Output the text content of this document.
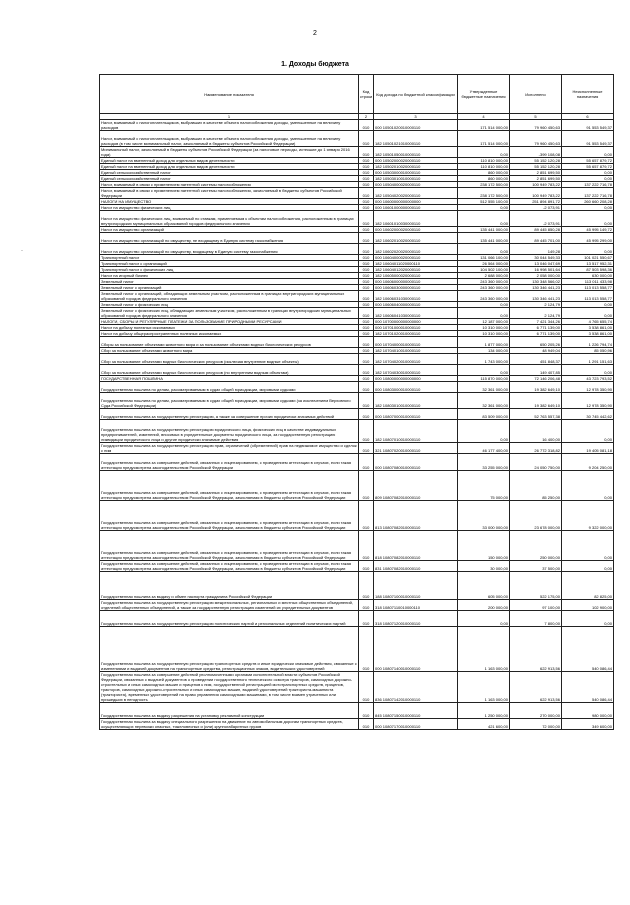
2
1. Доходы бюджета
·
Наименование показателя	Код строки	Код дохода по бюджетной классификации	Утвержденные бюджетные назначения	Исполнено	Неисполненные назначения
1	2	3	4	5	6
Налог, взимаемый с налогоплательщиков, выбравших в качестве объекта налогообложения доходы, уменьшенные на величину расходов	010	000 10501020010000110	171 514 000,00	79 960 450,63	91 553 549,37
Налог, взимаемый с налогоплательщиков, выбравших в качестве объекта налогообложения доходы, уменьшенные на величину расходов (в том числе минимальный налог, зачисляемый в бюджеты субъектов Российской Федерации)	010	182 10501021010000110	171 514 000,00	79 960 450,63	91 553 549,37
Минимальный налог, зачисляемый в бюджеты субъектов Российской Федерации (за налоговые периоды, истекшие до 1 января 2016 года)	010	182 10501050010000110	0,00	-399 108,08	0,00
Единый налог на вмененный доход для отдельных видов деятельности	010	000 10502000020000110	110 810 000,00	55 152 120,28	55 657 879,72
Единый налог на вмененный доход для отдельных видов деятельности	010	182 10502010020000110	110 810 000,00	55 152 120,28	55 657 879,72
Единый сельскохозяйственный налог	010	000 10503000010000110	860 000,00	2 851 699,50	0,00
Единый сельскохозяйственный налог	010	182 10503010010000110	860 000,00	2 851 699,50	0,00
Налог, взимаемый в связи с применением патентной системы налогообложения	010	000 10504000020000110	238 172 500,00	100 949 783,22	137 222 716,78
Налог, взимаемый в связи с применением патентной системы налогообложения, зачисляемый в бюджеты субъектов Российской Федерации	010	182 10504020020000110	238 172 500,00	100 949 783,22	137 222 716,78
НАЛОГИ НА ИМУЩЕСТВО	010	000 10600000000000000	512 555 100,00	251 894 891,72	260 660 208,28
Налог на имущество физических лиц	010	000 10601000000000110	0,00	-2 073,91	0,00
Налог на имущество физических лиц, взимаемый по ставкам, применяемым к объектам налогообложения, расположенным в границах внутригородских муниципальных образований городов федерального значения	010	182 10601010030000110	0,00	-2 073,91	0,00
Налог на имущество организаций	010	000 10602000020000110	135 441 000,00	89 445 850,28	45 995 149,72
Налог на имущество организаций по имуществу, не входящему в Единую систему газоснабжения	010	182 10602010020000110	135 441 000,00	89 445 701,00	45 995 299,00
Налог на имущество организаций по имуществу, входящему в Единую систему газоснабжения	010	182 10602020020000110	0,00	149,28	0,00
Транспортный налог	010	000 10604000020000110	131 066 100,00	30 044 549,33	101 021 550,67
Транспортный налог с организаций	010	182 10604011020000110	26 564 000,00	13 046 047,69	13 517 952,31
Транспортный налог с физических лиц	010	182 10604012020000110	104 502 100,00	16 998 501,64	87 503 598,36
Налог на игорный бизнес	010	182 10605000020000110	2 688 000,00	2 058 000,00	630 000,00
Земельный налог	010	000 10606000000000110	243 360 000,00	130 348 566,02	113 011 433,98
Земельный налог с организаций	010	000 10606030000000110	243 360 000,00	130 346 441,23	113 013 558,77
Земельный налог с организаций, обладающих земельным участком, расположенным в границах внутригородских муниципальных образований городов федерального значения	010	182 10606031030000110	243 360 000,00	130 346 441,23	113 013 558,77
Земельный налог с физических лиц	010	000 10606040000000110	0,00	2 124,79	0,00
Земельный налог с физических лиц, обладающих земельным участком, расположенным в границах внутригородских муниципальных образований городов федерального значения	010	182 10606041030000110	0,00	2 124,79	0,00
НАЛОГИ, СБОРЫ И РЕГУЛЯРНЫЕ ПЛАТЕЖИ ЗА ПОЛЬЗОВАНИЕ ПРИРОДНЫМИ РЕСУРСАМИ	010	000 10700000000000000	12 187 000,00	7 421 344,26	4 765 655,74
Налог на добычу полезных ископаемых	010	000 10701000010000110	10 310 000,00	6 771 139,00	3 538 861,00
Налог на добычу общераспространенных полезных ископаемых	010	182 10701020010000110	10 310 000,00	6 771 139,00	3 538 861,00
Сборы за пользование объектами животного мира и за пользование объектами водных биологических ресурсов	010	000 10704000010000110	1 877 000,00	650 205,26	1 226 794,74
Сбор за пользование объектами животного мира	010	182 10704010010000110	134 000,00	48 949,04	85 050,96
Сбор за пользование объектами водных биологических ресурсов (исключая внутренние водные объекты)	010	182 10704020010000110	1 743 000,00	451 848,37	1 291 151,63
Сбор за пользование объектами водных биологических ресурсов (по внутренним водным объектам)	010	182 10704030010000110	0,00	149 407,85	0,00
ГОСУДАРСТВЕННАЯ ПОШЛИНА	010	000 10800000000000000	115 870 000,00	72 146 206,48	43 723 793,52
Государственная пошлина по делам, рассматриваемым в судах общей юрисдикции, мировыми судьями	010	000 10803000010000110	32 361 000,00	19 382 649,10	12 978 350,90
Государственная пошлина по делам, рассматриваемым в судах общей юрисдикции, мировыми судьями (за исключением Верховного Суда Российской Федерации)	010	182 10803010010000110	32 361 000,00	19 382 649,10	12 978 350,90
Государственная пошлина за государственную регистрацию, а также за совершение прочих юридически значимых действий	010	000 10807000010000110	83 509 000,00	52 763 557,38	30 745 442,62
Государственная пошлина за государственную регистрацию юридического лица, физических лиц в качестве индивидуальных предпринимателей, изменений, вносимых в учредительные документы юридического лица, за государственную регистрацию ликвидации юридического лица и другие юридически значимые действия	010	182 10807010010000110	0,00	16 400,00	0,00
Государственная пошлина за государственную регистрацию прав, ограничений (обременений) прав на недвижимое имущество и сделок с ним	010	321 10807020010000110	46 177 400,00	26 772 318,82	19 405 081,18
Государственная пошлина за совершение действий, связанных с лицензированием, с проведением аттестации в случаях, если такая аттестация предусмотрена законодательством Российской Федерации	010	000 10807080010000110	33 255 000,00	24 050 750,00	9 204 250,00
Государственная пошлина за совершение действий, связанных с лицензированием, с проведением аттестации в случаях, если такая аттестация предусмотрена законодательством Российской Федерации, зачисляемая в бюджеты субъектов Российской Федерации	010	809 10807082010000110	75 000,00	85 250,00	0,00
Государственная пошлина за совершение действий, связанных с лицензированием, с проведением аттестации в случаях, если такая аттестация предусмотрена законодательством Российской Федерации, зачисляемая в бюджеты субъектов Российской Федерации	010	813 10807082010000110	33 000 000,00	23 678 000,00	9 322 000,00
Государственная пошлина за совершение действий, связанных с лицензированием, с проведением аттестации в случаях, если такая аттестация предусмотрена законодательством Российской Федерации, зачисляемая в бюджеты субъектов Российской Федерации	010	818 10807082010000110	150 000,00	250 000,00	0,00
Государственная пошлина за совершение действий, связанных с лицензированием, с проведением аттестации в случаях, если такая аттестация предусмотрена законодательством Российской Федерации, зачисляемая в бюджеты субъектов Российской Федерации	010	831 10807082010000110	30 000,00	37 500,00	0,00
Государственная пошлина за выдачу и обмен паспорта гражданина Российской Федерации	010	188 10807100010000110	605 000,00	522 175,00	82 825,00
Государственная пошлина за государственную регистрацию межрегиональных, региональных и местных общественных объединений, отделений общественных объединений, а также за государственную регистрацию изменений их учредительных документов	010	318 10807110010000110	200 000,00	97 100,00	102 900,00
Государственная пошлина за государственную регистрацию политических партий и региональных отделений политических партий	010	318 10807120010000110	0,00	7 800,00	0,00
Государственная пошлина за государственную регистрацию транспортных средств и иные юридически значимые действия, связанные с изменениями и выдачей документов на транспортные средства, регистрационных знаков, водительских удостоверений	010	000 10807140010000110	1 163 000,00	622 913,56	540 086,44
Государственная пошлина за совершение действий уполномоченными органами исполнительной власти субъектов Российской Федерации, связанных с выдачей документов о проведении государственного технического осмотра тракторов, самоходных дорожно-строительных и иных самоходных машин и прицепов к ним, государственной регистрацией мототранспортных средств, прицепов, тракторов, самоходных дорожно-строительных и иных самоходных машин, выдачей удостоверений тракториста-машиниста (тракториста), временных удостоверений на право управления самоходными машинами, в том числе взамен утраченных или пришедших в негодность	010	836 10807142010000110	1 163 000,00	622 913,56	540 086,44
Государственная пошлина за выдачу разрешения на установку рекламной конструкции	010	845 10807150010000110	1 250 000,00	270 000,00	980 000,00
Государственная пошлина за выдачу специального разрешения на движение по автомобильным дорогам транспортных средств, осуществляющих перевозки опасных, тяжеловесных и (или) крупногабаритных грузов	010	000 10807170010000110	421 600,00	72 000,00	349 600,00
